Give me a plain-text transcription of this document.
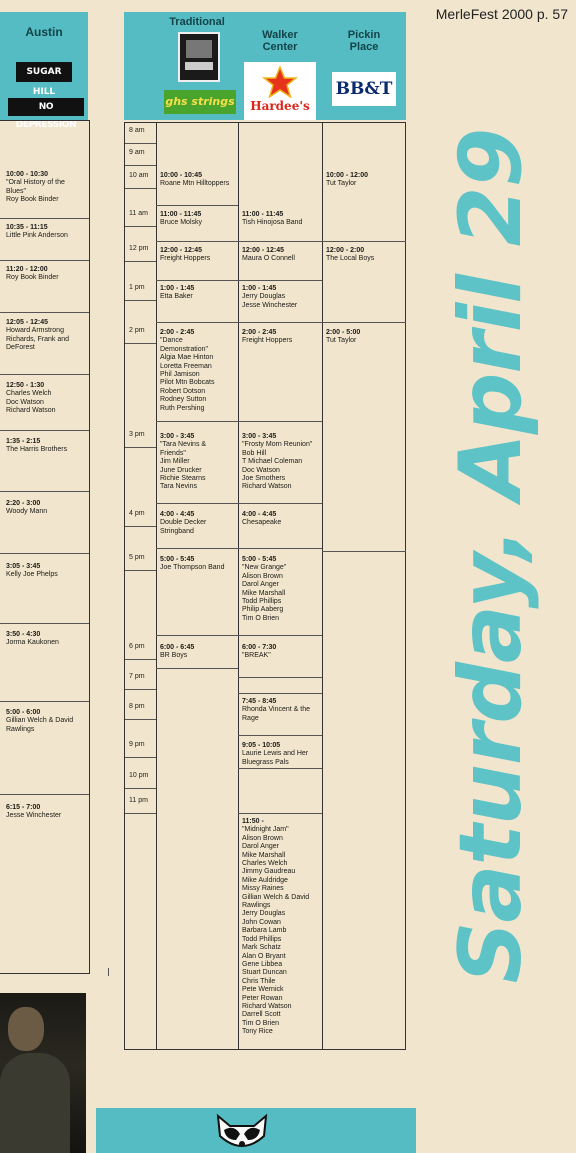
MerleFest 2000 p. 57
Austin
SUGAR HILL
NO DEPRESSION
10:00 - 10:30
"Oral History of the
Blues"
Roy Book Binder
10:35 - 11:15
Little Pink Anderson
11:20 - 12:00
Roy Book Binder
12:05 - 12:45
Howard Armstrong
Richards, Frank and
DeForest
12:50 - 1:30
Charles Welch
Doc Watson
Richard Watson
1:35 - 2:15
The Harris Brothers
2:20 - 3:00
Woody Mann
3:05 - 3:45
Kelly Joe Phelps
3:50 - 4:30
Jorma Kaukonen
5:00 - 6:00
Gillian Welch & David
Rawlings
6:15 - 7:00
Jesse Winchester
Traditional
ghs strings
Walker Center
Hardee's
Pickin Place
BB&T
8 am
9 am
10 am
11 am
12 pm
1 pm
2 pm
3 pm
4 pm
5 pm
6 pm
7 pm
8 pm
9 pm
10 pm
11 pm
10:00 - 10:45
Roane Mtn Hilltoppers
11:00 - 11:45
Bruce Molsky
12:00 - 12:45
Freight Hoppers
1:00 - 1:45
Etta Baker
2:00 - 2:45
"Dance
Demonstration"
Algia Mae Hinton
Loretta Freeman
Phil Jamison
Pilot Mtn Bobcats
Robert Dotson
Rodney Sutton
Ruth Pershing
3:00 - 3:45
"Tara Nevins &
Friends"
Jim Miller
June Drucker
Richie Stearns
Tara Nevins
4:00 - 4:45
Double Decker
Stringband
5:00 - 5:45
Joe Thompson Band
6:00 - 6:45
BR Boys
11:00 - 11:45
Tish Hinojosa Band
12:00 - 12:45
Maura O Connell
1:00 - 1:45
Jerry Douglas
Jesse Winchester
2:00 - 2:45
Freight Hoppers
3:00 - 3:45
"Frosty Morn Reunion"
Bob Hill
T Michael Coleman
Doc Watson
Joe Smothers
Richard Watson
4:00 - 4:45
Chesapeake
5:00 - 5:45
"New Grange"
Alison Brown
Darol Anger
Mike Marshall
Todd Phillips
Philip Aaberg
Tim O Brien
6:00 - 7:30
"BREAK"
7:45 - 8:45
Rhonda Vincent & the
Rage
9:05 - 10:05
Laurie Lewis and Her
Bluegrass Pals
11:50 -
"Midnight Jam"
Alison Brown
Darol Anger
Mike Marshall
Charles Welch
Jimmy Gaudreau
Mike Auldridge
Missy Raines
Gillian Welch & David
Rawlings
Jerry Douglas
John Cowan
Barbara Lamb
Todd Phillips
Mark Schatz
Alan O Bryant
Gene Libbea
Stuart Duncan
Chris Thile
Pete Wernick
Peter Rowan
Richard Watson
Darrell Scott
Tim O Brien
Tony Rice
10:00 - 12:00
Tut Taylor
12:00 - 2:00
The Local Boys
2:00 - 5:00
Tut Taylor Saturday, April 29
